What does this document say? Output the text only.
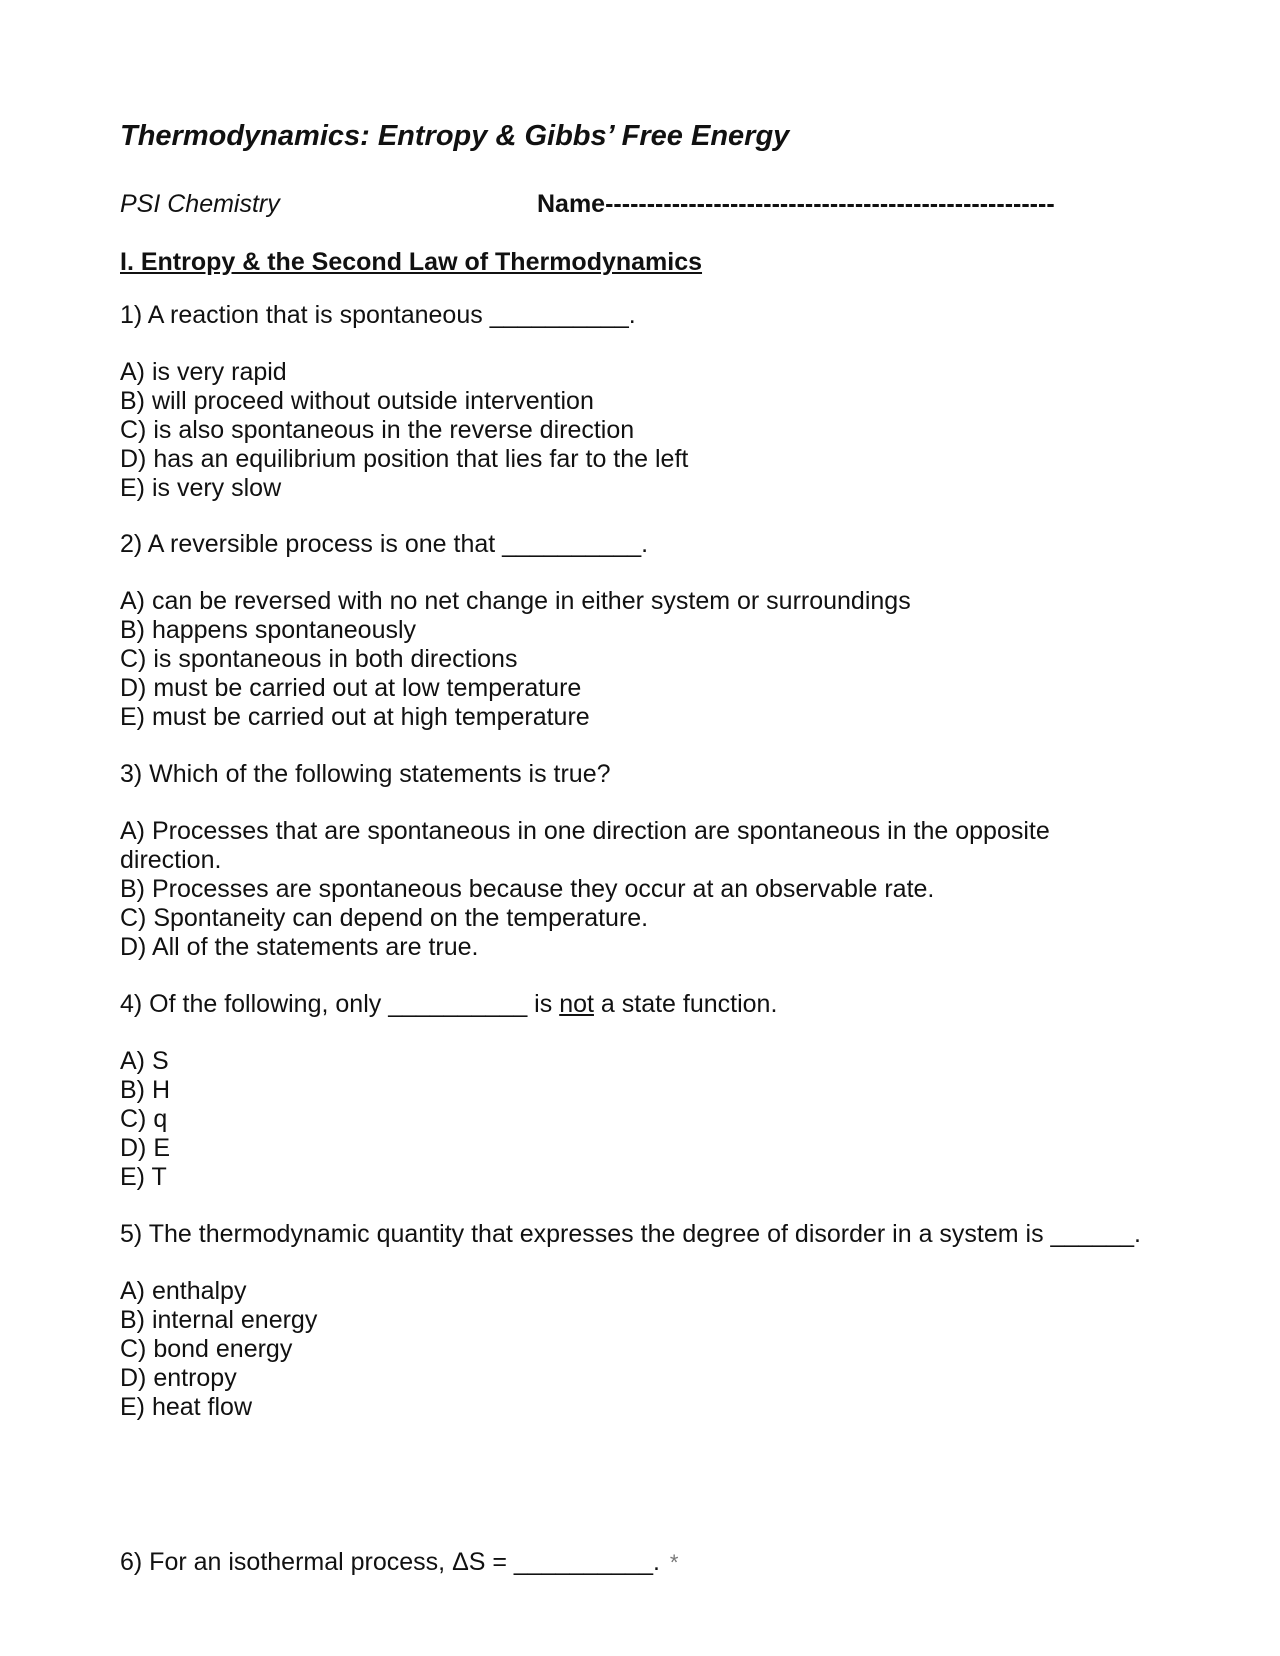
Thermodynamics: Entropy & Gibbs’ Free Energy
PSI Chemistry	Name------------------------------------------------------
I. Entropy & the Second Law of Thermodynamics

1) A reaction that is spontaneous __________.

A) is very rapid
B) will proceed without outside intervention
C) is also spontaneous in the reverse direction
D) has an equilibrium position that lies far to the left
E) is very slow

2) A reversible process is one that __________.

A) can be reversed with no net change in either system or surroundings
B) happens spontaneously
C) is spontaneous in both directions
D) must be carried out at low temperature
E) must be carried out at high temperature

3) Which of the following statements is true?

A) Processes that are spontaneous in one direction are spontaneous in the opposite direction.
B) Processes are spontaneous because they occur at an observable rate.
C) Spontaneity can depend on the temperature.
D) All of the statements are true.

4) Of the following, only __________ is not a state function.

A) S
B) H
C) q
D) E
E) T

5) The thermodynamic quantity that expresses the degree of disorder in a system is ______.

A) enthalpy
B) internal energy
C) bond energy
D) entropy
E) heat flow

6) For an isothermal process, ΔS = __________. *
